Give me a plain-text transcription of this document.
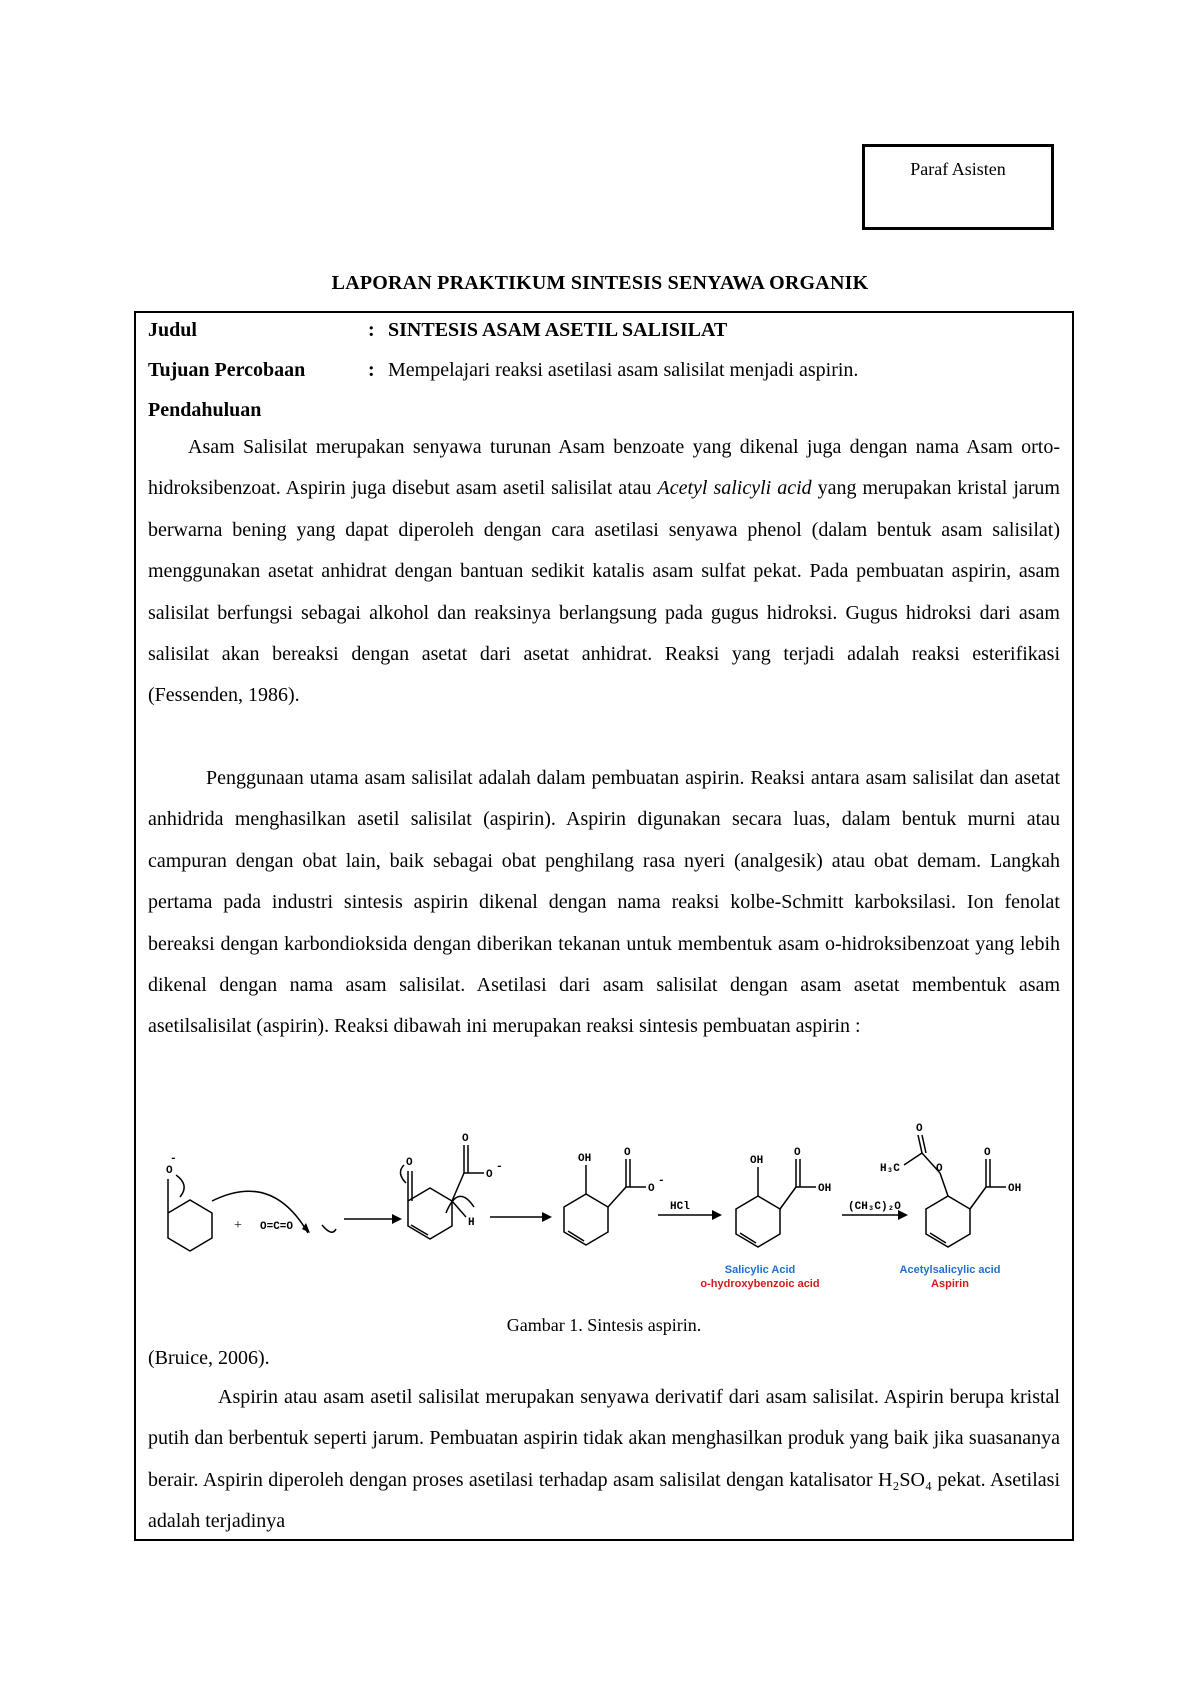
Paraf Asisten
LAPORAN PRAKTIKUM SINTESIS SENYAWA ORGANIK
Judul	: SINTESIS ASAM ASETIL SALISILAT
Tujuan Percobaan	: Mempelajari reaksi asetilasi asam salisilat menjadi aspirin.
Pendahuluan

Asam Salisilat merupakan senyawa turunan Asam benzoate yang dikenal juga dengan nama Asam orto-hidroksibenzoat. Aspirin juga disebut asam asetil salisilat atau Acetyl salicyli acid yang merupakan kristal jarum berwarna bening yang dapat diperoleh dengan cara asetilasi senyawa phenol (dalam bentuk asam salisilat) menggunakan asetat anhidrat dengan bantuan sedikit katalis asam sulfat pekat. Pada pembuatan aspirin, asam salisilat berfungsi sebagai alkohol dan reaksinya berlangsung pada gugus hidroksi. Gugus hidroksi dari asam salisilat akan bereaksi dengan asetat dari asetat anhidrat. Reaksi yang terjadi adalah reaksi esterifikasi (Fessenden, 1986).

Penggunaan utama asam salisilat adalah dalam pembuatan aspirin. Reaksi antara asam salisilat dan asetat anhidrida menghasilkan asetil salisilat (aspirin). Aspirin digunakan secara luas, dalam bentuk murni atau campuran dengan obat lain, baik sebagai obat penghilang rasa nyeri (analgesik) atau obat demam. Langkah pertama pada industri sintesis aspirin dikenal dengan nama reaksi kolbe-Schmitt karboksilasi. Ion fenolat bereaksi dengan karbondioksida dengan diberikan tekanan untuk membentuk asam o-hidroksibenzoat yang lebih dikenal dengan nama asam salisilat. Asetilasi dari asam salisilat dengan asam asetat membentuk asam asetilsalisilat (aspirin). Reaksi dibawah ini merupakan reaksi sintesis pembuatan aspirin :

O
-
+ O=C=O
O
O
O
-
H
OH	O
O
-
HCl
OH
O
OH
(CH₃C)₂O
H₃C
O
O
O
OH
Salicylic Acid
o-hydroxybenzoic acid
Acetylsalicylic acid
Aspirin
Gambar 1. Sintesis aspirin.
(Bruice, 2006).

Aspirin atau asam asetil salisilat merupakan senyawa derivatif dari asam salisilat. Aspirin berupa kristal putih dan berbentuk seperti jarum. Pembuatan aspirin tidak akan menghasilkan produk yang baik jika suasananya berair. Aspirin diperoleh dengan proses asetilasi terhadap asam salisilat dengan katalisator H₂SO₄ pekat. Asetilasi adalah terjadinya
